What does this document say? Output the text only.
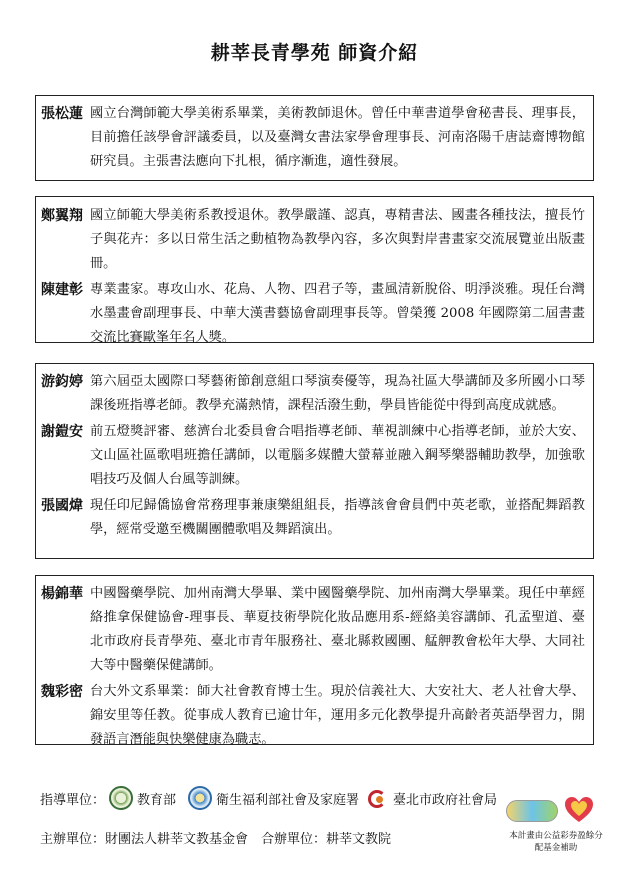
耕莘長青學苑 師資介紹
張松蓮 國立台灣師範大學美術系畢業，美術教師退休。曾任中華書道學會秘書長、理事長，目前擔任該學會評議委員，以及臺灣女書法家學會理事長、河南洛陽千唐誌齋博物館研究員。主張書法應向下扎根，循序漸進，適性發展。
鄭翼翔 國立師範大學美術系教授退休。教學嚴謹、認真，專精書法、國畫各種技法，擅長竹子與花卉：多以日常生活之動植物為教學內容，多次與對岸書畫家交流展覽並出版畫冊。
陳建彰 專業畫家。專攻山水、花鳥、人物、四君子等，畫風清新脫俗、明淨淡雅。現任台灣水墨畫會副理事長、中華大漢書藝協會副理事長等。曾榮獲 2008 年國際第二屆書畫交流比賽歐峯年名人獎。
游鈞婷 第六屆亞太國際口琴藝術節創意組口琴演奏優等，現為社區大學講師及多所國小口琴課後班指導老師。教學充滿熱情，課程活潑生動，學員皆能從中得到高度成就感。
謝鎧安 前五燈獎評審、慈濟台北委員會合唱指導老師、華視訓練中心指導老師，並於大安、文山區社區歌唱班擔任講師，以電腦多媒體大螢幕並融入鋼琴樂器輔助教學，加強歌唱技巧及個人台風等訓練。
張國煒 現任印尼歸僑協會常務理事兼康樂組組長，指導該會會員們中英老歌，並搭配舞蹈教學，經常受邀至機關團體歌唱及舞蹈演出。
楊錦華 中國醫藥學院、加州南灣大學畢、業中國醫藥學院、加州南灣大學畢業。現任中華經絡推拿保健協會-理事長、華夏技術學院化妝品應用系-經絡美容講師、孔孟聖道、臺北市政府長青學苑、臺北市青年服務社、臺北縣救國團、艋舺教會松年大學、大同社大等中醫藥保健講師。
魏彩密 台大外文系畢業：師大社會教育博士生。現於信義社大、大安社大、老人社會大學、錦安里等任教。從事成人教育已逾廿年，運用多元化教學提升高齡者英語學習力，開發語言潛能與快樂健康為職志。
指導單位： 教育部	衛生福利部社會及家庭署	臺北市政府社會局
主辦單位：財團法人耕莘文教基金會　合辦單位：耕莘文教院	本計畫由公益彩券盈餘分配基金補助
